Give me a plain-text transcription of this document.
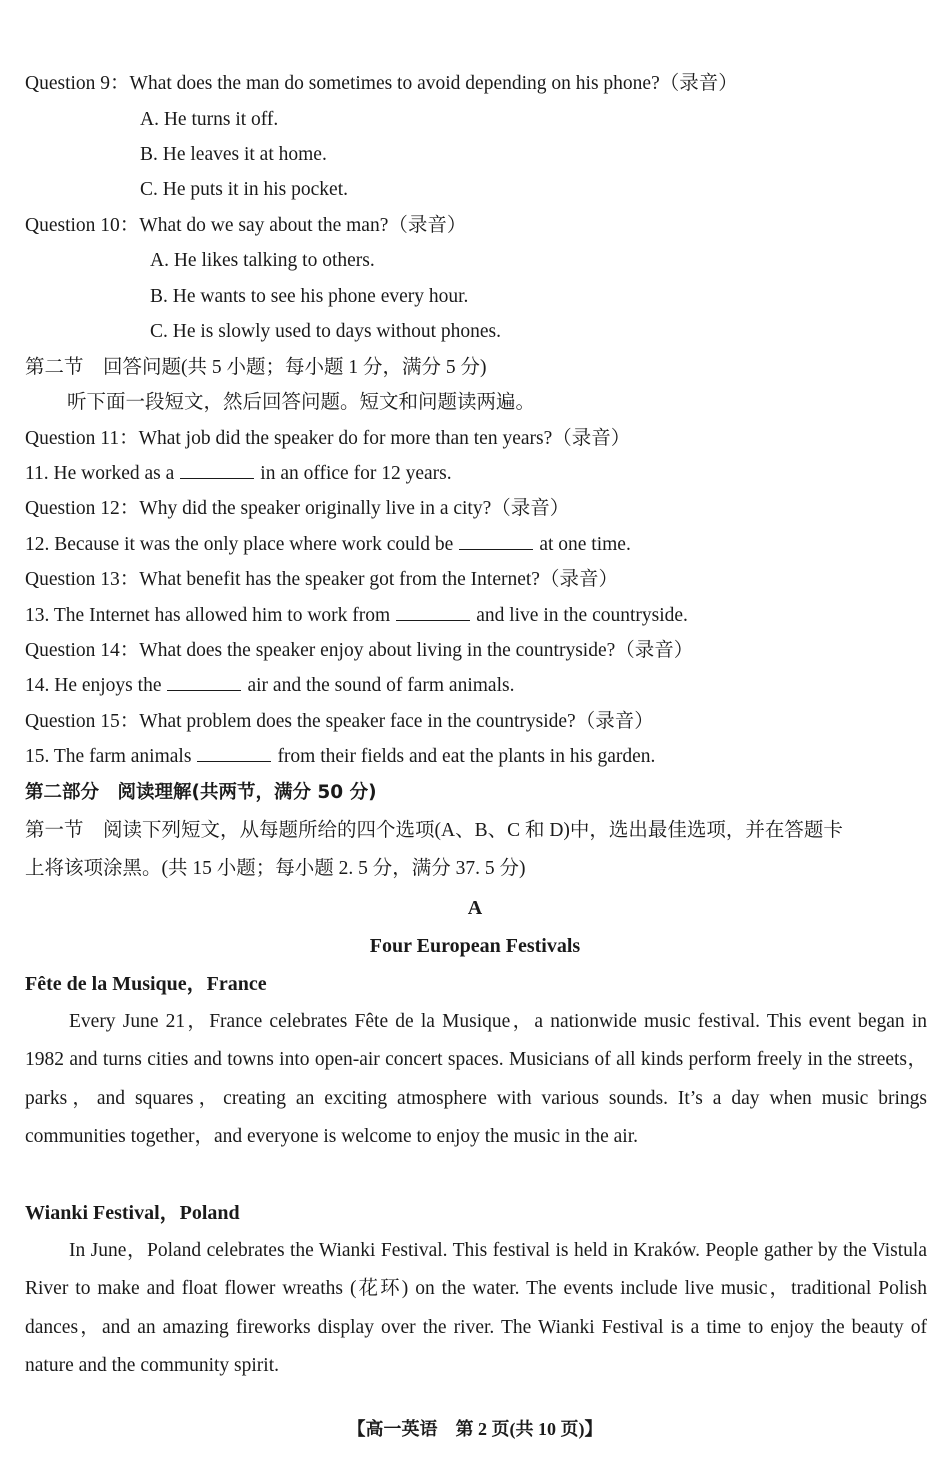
Question 9：What does the man do sometimes to avoid depending on his phone?（录音）
A. He turns it off.
B. He leaves it at home.
C. He puts it in his pocket.
Question 10：What do we say about the man?（录音）
A. He likes talking to others.
B. He wants to see his phone every hour.
C. He is slowly used to days without phones.
第二节　回答问题(共 5 小题；每小题 1 分，满分 5 分)
听下面一段短文，然后回答问题。短文和问题读两遍。
Question 11：What job did the speaker do for more than ten years?（录音）
11. He worked as a	in an office for 12 years.
Question 12：Why did the speaker originally live in a city?（录音）
12. Because it was the only place where work could be	at one time.
Question 13：What benefit has the speaker got from the Internet?（录音）
13. The Internet has allowed him to work from	and live in the countryside.
Question 14：What does the speaker enjoy about living in the countryside?（录音）
14. He enjoys the	air and the sound of farm animals.
Question 15：What problem does the speaker face in the countryside?（录音）
15. The farm animals	from their fields and eat the plants in his garden.
第二部分　阅读理解(共两节，满分 50 分)
第一节　阅读下列短文，从每题所给的四个选项(A、B、C 和 D)中，选出最佳选项，并在答题卡
上将该项涂黑。(共 15 小题；每小题 2. 5 分，满分 37. 5 分)
A
Four European Festivals
Fête de la Musique，France
Every June 21，France celebrates Fête de la Musique，a nationwide music festival. This event began in 1982 and turns cities and towns into open-air concert spaces. Musicians of all kinds perform freely in the streets，parks，and squares，creating an exciting atmosphere with various sounds. It’s a day when music brings communities together，and everyone is welcome to enjoy the music in the air.
Wianki Festival，Poland
In June，Poland celebrates the Wianki Festival. This festival is held in Kraków. People gather by the Vistula River to make and float flower wreaths (花环) on the water. The events include live music，traditional Polish dances，and an amazing fireworks display over the river. The Wianki Festival is a time to enjoy the beauty of nature and the community spirit.
【高一英语　第 2 页(共 10 页)】
